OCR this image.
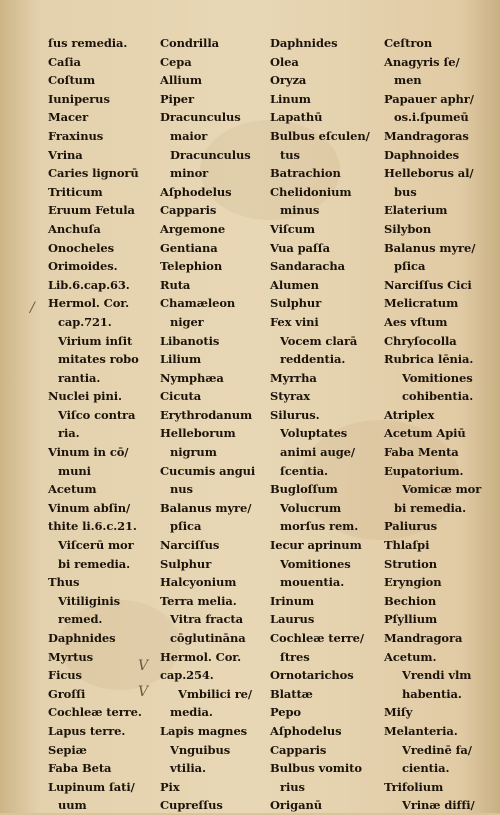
ſus remedia.
Caſia
Coſtum
Iuniperus
Macer
Fraxinus
Vrina
Caries lignorū
Triticum
Eruum Fetula
Anchuſa
Onocheles
Orimoides.
Lib.6.cap.63.
Hermol. Cor.
cap.721.
Virium inſit
mitates robo
rantia.
Nuclei pini.
Viſco contra
ria.
Vinum in cō/
muni
Acetum
Vinum abſin/
thite li.6.c.21.
Viſcerū mor
bi remedia.
Thus
Vitiliginis
remed.
Daphnides
Myrtus
Ficus
Groſſi
Cochleæ terre.
Lapus terre.
Sepiæ
Faba Beta
Lupinum ſati/
uum
Condrilla
Cepa
Allium
Piper
Dracunculus
maior
Dracunculus
minor
Aſphodelus
Capparis
Argemone
Gentiana
Telephion
Ruta
Chamæleon
niger
Libanotis
Lilium
Nymphæa
Cicuta
Erythrodanum
Helleborum
nigrum
Cucumis angui
nus
Balanus myre/
pſica
Narciſſus
Sulphur
Halcyonium
Terra melia.
Vitra fracta
cōglutināna
Hermol. Cor.
cap.254.
Vmbilici re/
media.
Lapis magnes
Vnguibus
vtilia.
Pix
Cupreſſus
Daphnides
Olea
Oryza
Linum
Lapathū
Bulbus eſculen/
tus
Batrachion
Chelidonium
minus
Viſcum
Vua paſſa
Sandaracha
Alumen
Sulphur
Fex vini
Vocem clarā
reddentia.
Myrrha
Styrax
Silurus.
Voluptates
animi auge/
ſcentia.
Bugloſſum
Volucrum
morſus rem.
Iecur aprinum
Vomitiones
mouentia.
Irinum
Laurus
Cochleæ terre/
ſtres
Ornotarichos
Blattæ
Pepo
Aſphodelus
Capparis
Bulbus vomito
rius
Origanū
Ceſtron
Anagyris ſe/
men
Papauer aphr/
os.i.ſpumeū
Mandragoras
Daphnoides
Helleborus al/
bus
Elaterium
Silybon
Balanus myre/
pſica
Narciſſus Cici
Melicratum
Aes vſtum
Chryſocolla
Rubrica lēnia.
Vomitiones
cohibentia.
Atriplex
Acetum Apiū
Faba Menta
Eupatorium.
Vomicæ mor
bi remedia.
Paliurus
Thlaſpi
Strution
Eryngion
Bechion
Pſyllium
Mandragora
Acetum.
Vrendi vlm
habentia.
Miſy
Melanteria.
Vredinē fa/
cientia.
Trifolium
Vrinæ diffi/
/
V
V
